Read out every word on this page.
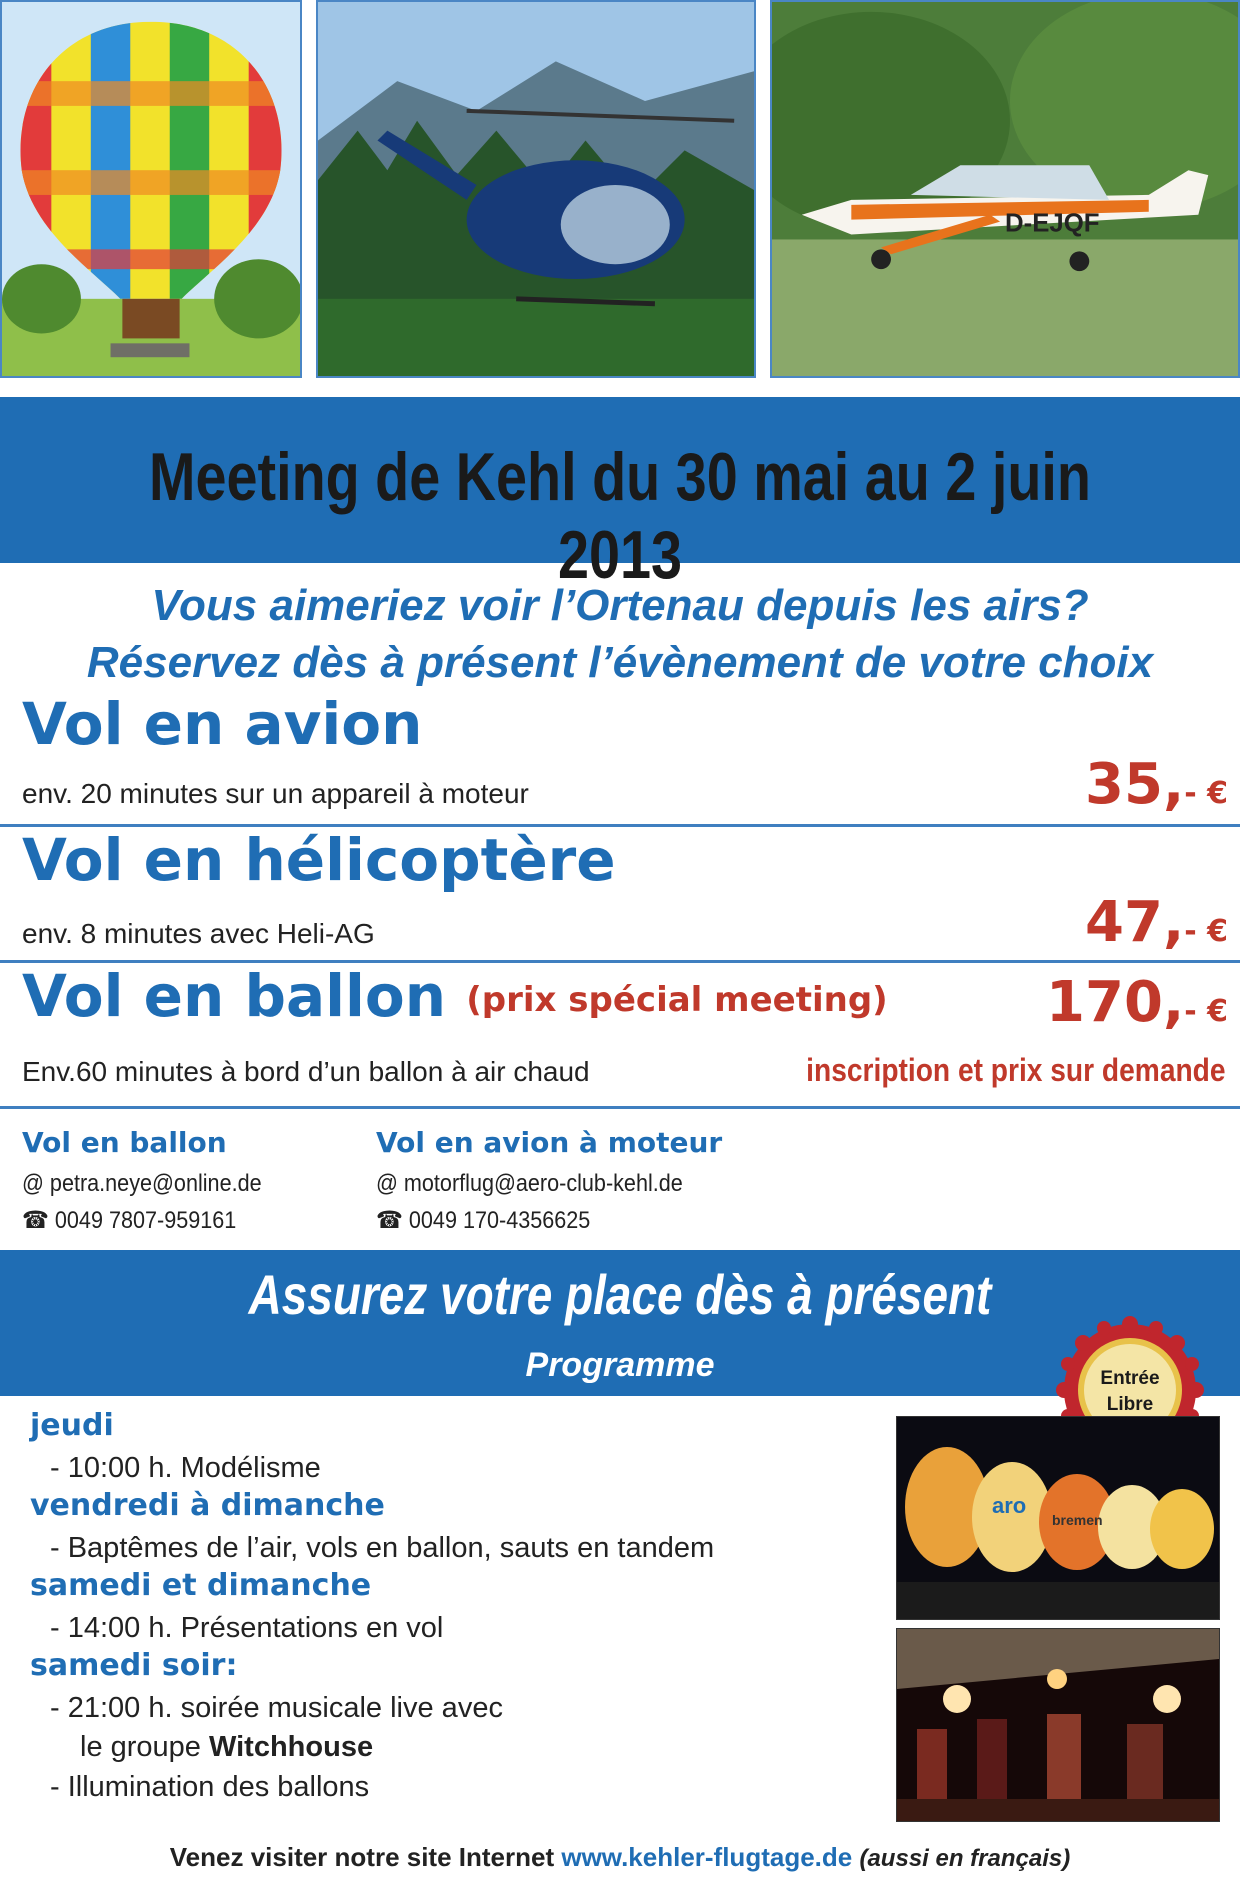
D-EJQF
Meeting de Kehl du 30 mai au 2 juin 2013
Vous aimeriez voir l’Ortenau depuis les airs?
Réservez dès à présent l’évènement de votre choix
Vol en avion
env. 20 minutes sur un appareil à moteur	35,- €
Vol en hélicoptère
env. 8 minutes avec Heli-AG	47,- €
Vol en ballon (prix spécial meeting)	170,- €
Env.60 minutes à bord d’un ballon à air chaud	inscription et prix sur demande
Vol en ballon
@ petra.neye@online.de
☎ 0049 7807-959161
Vol en avion à moteur
@ motorflug@aero-club-kehl.de
☎ 0049 170-4356625
Assurez votre place dès à présent
Programme	Entrée
Libre
jeudi
- 10:00 h. Modélisme
vendredi à dimanche
- Baptêmes de l’air, vols en ballon, sauts en tandem
samedi et dimanche
- 14:00 h. Présentations en vol
samedi soir:
- 21:00 h. soirée musicale live avec
le groupe Witchhouse
- Illumination des ballons
aro
bremen
Venez visiter notre site Internet www.kehler-flugtage.de (aussi en français)
